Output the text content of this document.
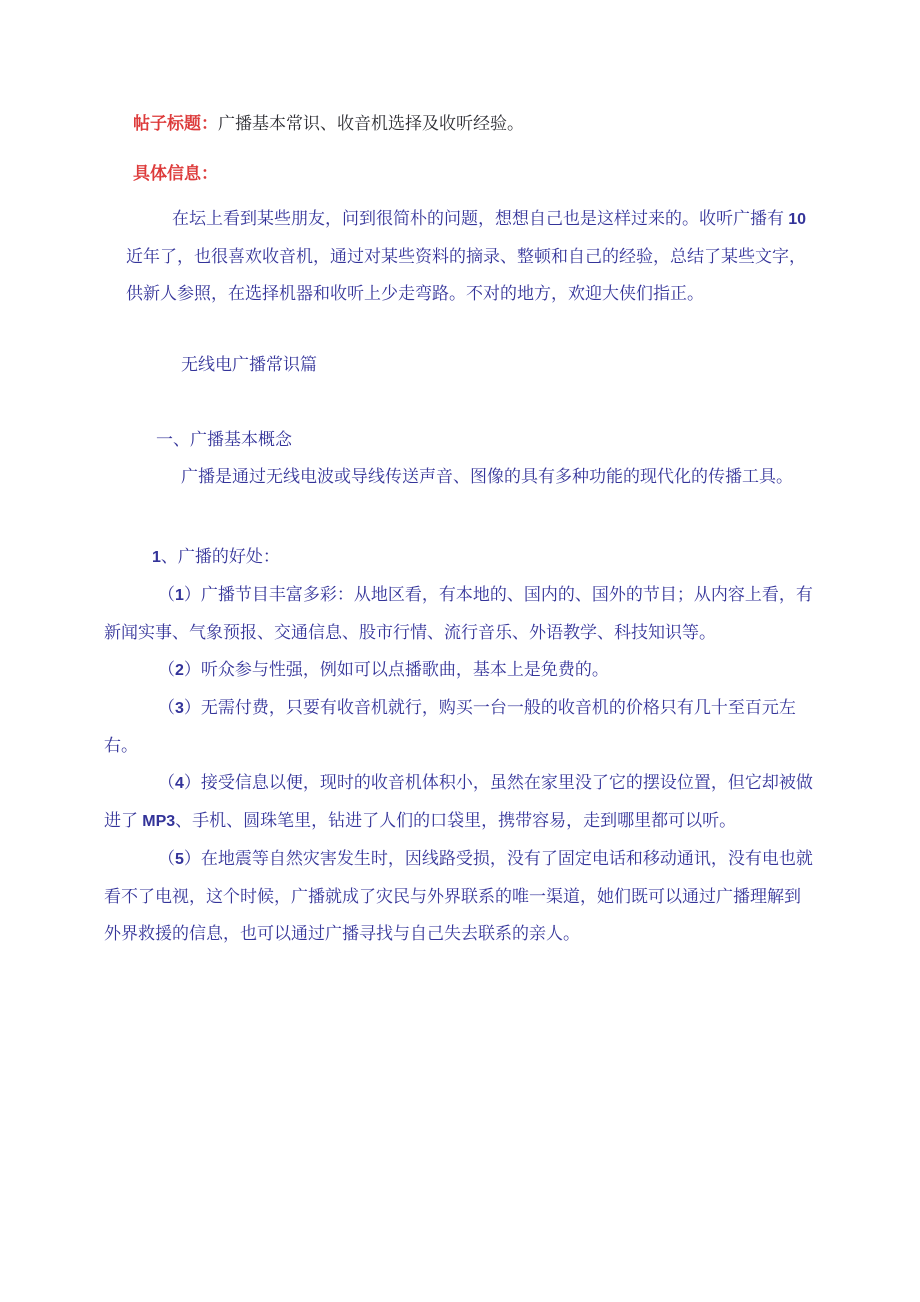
帖子标题：广播基本常识、收音机选择及收听经验。

具体信息：

在坛上看到某些朋友，问到很简朴的问题，想想自己也是这样过来的。收听广播有 10 近年了，也很喜欢收音机，通过对某些资料的摘录、整顿和自己的经验，总结了某些文字，供新人参照，在选择机器和收听上少走弯路。不对的地方，欢迎大侠们指正。

无线电广播常识篇

一、广播基本概念

广播是通过无线电波或导线传送声音、图像的具有多种功能的现代化的传播工具。

1、广播的好处：

（1）广播节目丰富多彩：从地区看，有本地的、国内的、国外的节目；从内容上看，有新闻实事、气象预报、交通信息、股市行情、流行音乐、外语教学、科技知识等。

（2）听众参与性强，例如可以点播歌曲，基本上是免费的。

（3）无需付费，只要有收音机就行，购买一台一般的收音机的价格只有几十至百元左右。

（4）接受信息以便，现时的收音机体积小，虽然在家里没了它的摆设位置，但它却被做进了 MP3、手机、圆珠笔里，钻进了人们的口袋里，携带容易，走到哪里都可以听。

（5）在地震等自然灾害发生时，因线路受损，没有了固定电话和移动通讯，没有电也就看不了电视，这个时候，广播就成了灾民与外界联系的唯一渠道，她们既可以通过广播理解到外界救援的信息，也可以通过广播寻找与自己失去联系的亲人。
